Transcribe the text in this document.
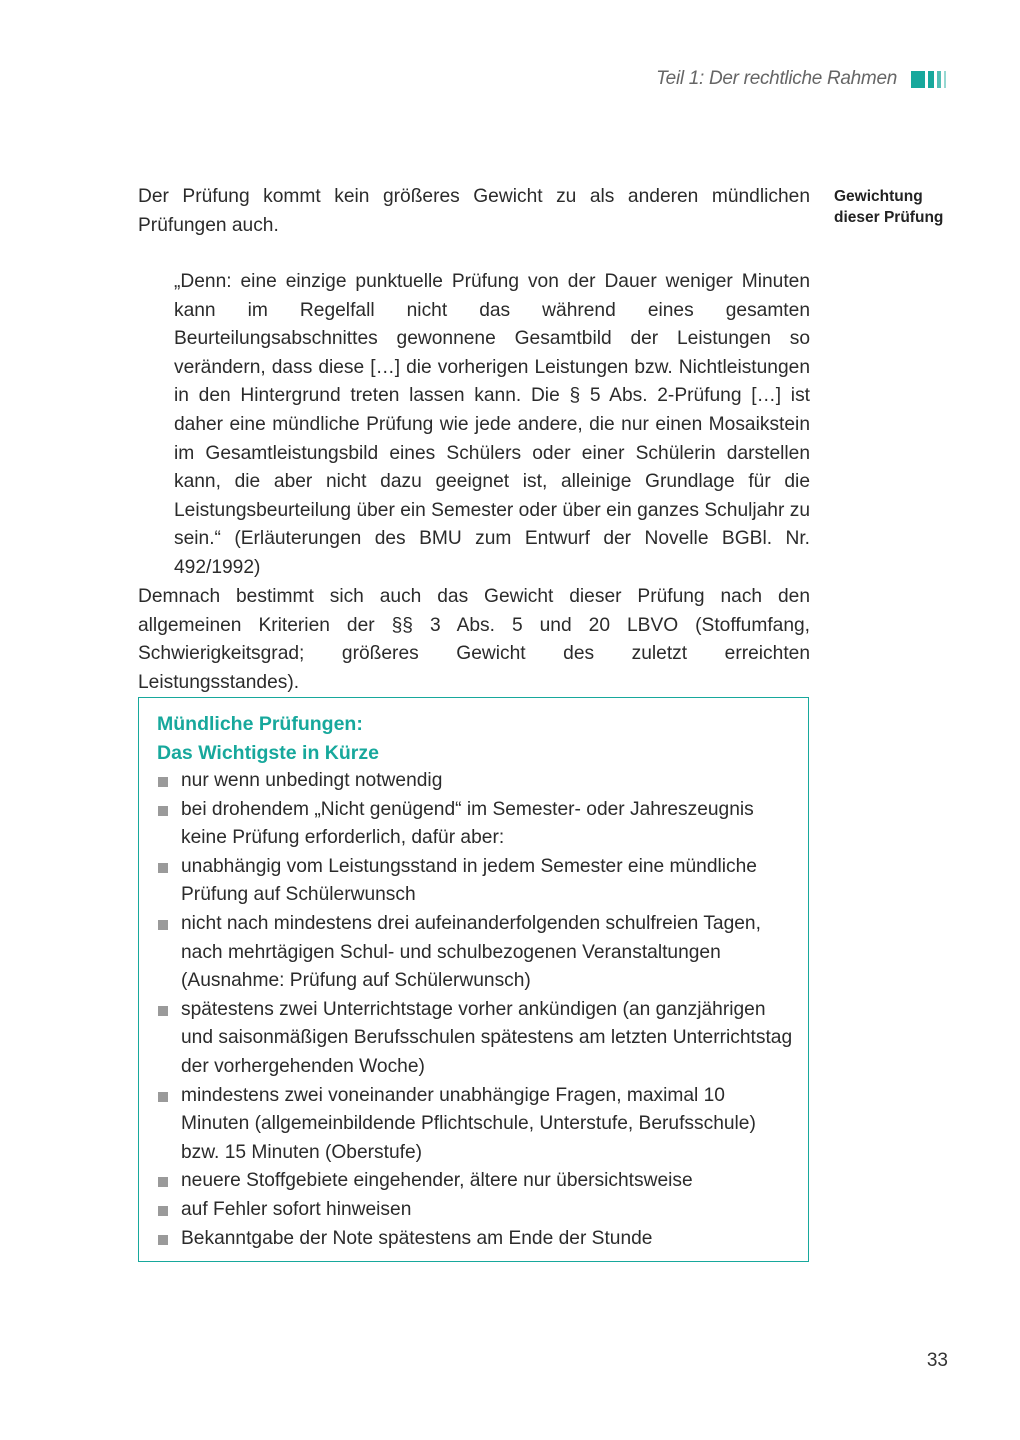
Teil 1: Der rechtliche Rahmen

Der Prüfung kommt kein größeres Gewicht zu als anderen mündlichen Prüfungen auch.

Gewichtung
dieser Prüfung

„Denn: eine einzige punktuelle Prüfung von der Dauer weniger Minuten kann im Regelfall nicht das während eines gesamten Beurteilungsabschnittes gewonnene Gesamtbild der Leistungen so verändern, dass diese […] die vorherigen Leistungen bzw. Nichtleistungen in den Hintergrund treten lassen kann. Die § 5 Abs. 2-Prüfung […] ist daher eine mündliche Prüfung wie jede andere, die nur einen Mosaikstein im Gesamtleistungsbild eines Schülers oder einer Schülerin darstellen kann, die aber nicht dazu geeignet ist, alleinige Grundlage für die Leistungsbeurteilung über ein Semester oder über ein ganzes Schuljahr zu sein.“ (Erläuterungen des BMU zum Entwurf der Novelle BGBl. Nr. 492/1992)

Demnach bestimmt sich auch das Gewicht dieser Prüfung nach den allgemeinen Kriterien der §§ 3 Abs. 5 und 20 LBVO (Stoffumfang, Schwierigkeitsgrad; größeres Gewicht des zuletzt erreichten Leistungsstandes).

Mündliche Prüfungen:
Das Wichtigste in Kürze
nur wenn unbedingt notwendig
bei drohendem „Nicht genügend“ im Semester- oder Jahreszeugnis keine Prüfung erforderlich, dafür aber:
unabhängig vom Leistungsstand in jedem Semester eine mündliche Prüfung auf Schülerwunsch
nicht nach mindestens drei aufeinanderfolgenden schulfreien Tagen, nach mehrtägigen Schul- und schulbezogenen Veranstaltungen (Ausnahme: Prüfung auf Schülerwunsch)
spätestens zwei Unterrichtstage vorher ankündigen (an ganzjährigen und saisonmäßigen Berufsschulen spätestens am letzten Unterrichtstag der vorhergehenden Woche)
mindestens zwei voneinander unabhängige Fragen, maximal 10 Minuten (allgemeinbildende Pflichtschule, Unterstufe, Berufsschule) bzw. 15 Minuten (Oberstufe)
neuere Stoffgebiete eingehender, ältere nur übersichtsweise
auf Fehler sofort hinweisen
Bekanntgabe der Note spätestens am Ende der Stunde
33
